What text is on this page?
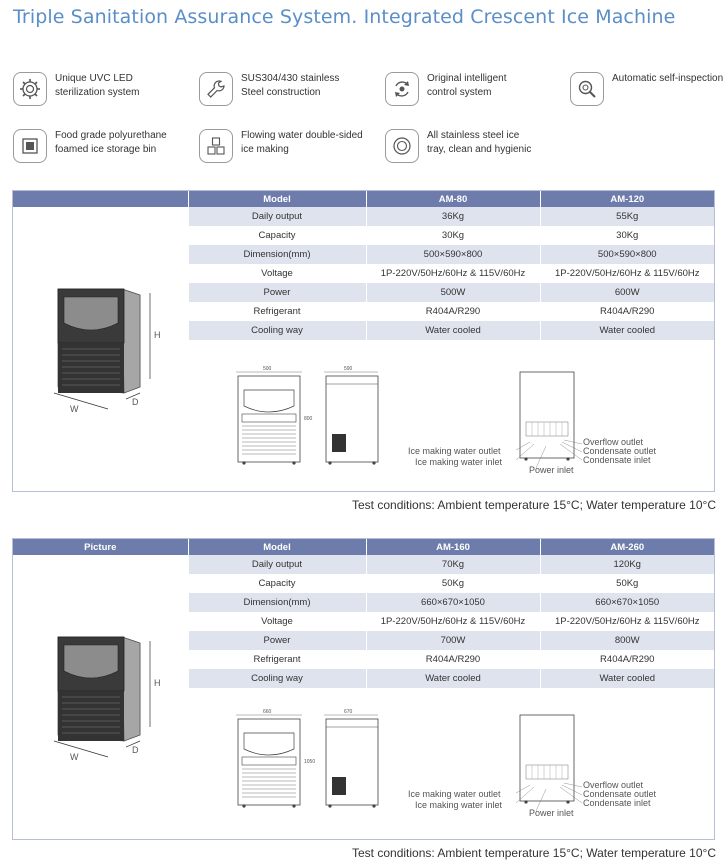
Triple Sanitation Assurance System. Integrated Crescent Ice Machine
Unique UVC LED
sterilization system
SUS304/430 stainless
Steel construction
Original intelligent
control system
Automatic self-inspection
Food grade polyurethane
foamed ice storage bin
Flowing water double-sided
ice making
All stainless steel ice
tray, clean and hygienic
	Model	AM-80	AM-120
	Daily output	36Kg	55Kg
	Capacity	30Kg	30Kg
	Dimension(mm)	500×590×800	500×590×800
	Voltage	1P-220V/50Hz/60Hz & 115V/60Hz	1P-220V/50Hz/60Hz & 115V/60Hz
	Power	500W	600W
	Refrigerant	R404A/R290	R404A/R290
	Cooling way	Water cooled	Water cooled

Picture	Model	AM-160	AM-260
	Daily output	70Kg	120Kg
	Capacity	50Kg	50Kg
	Dimension(mm)	660×670×1050	660×670×1050
	Voltage	1P-220V/50Hz/60Hz & 115V/60Hz	1P-220V/50Hz/60Hz & 115V/60Hz
	Power	700W	800W
	Refrigerant	R404A/R290	R404A/R290
	Cooling way	Water cooled	Water cooled

H
W
D
500
800
590
Ice making water outlet
Ice making water inlet
Power inlet
Overflow outlet
Condensate outlet
Condensate inlet
Test conditions: Ambient temperature 15°C; Water temperature 10°C
H
W
D
660
1050
670
Ice making water outlet
Ice making water inlet
Power inlet
Overflow outlet
Condensate outlet
Condensate inlet
Test conditions: Ambient temperature 15°C; Water temperature 10°C
